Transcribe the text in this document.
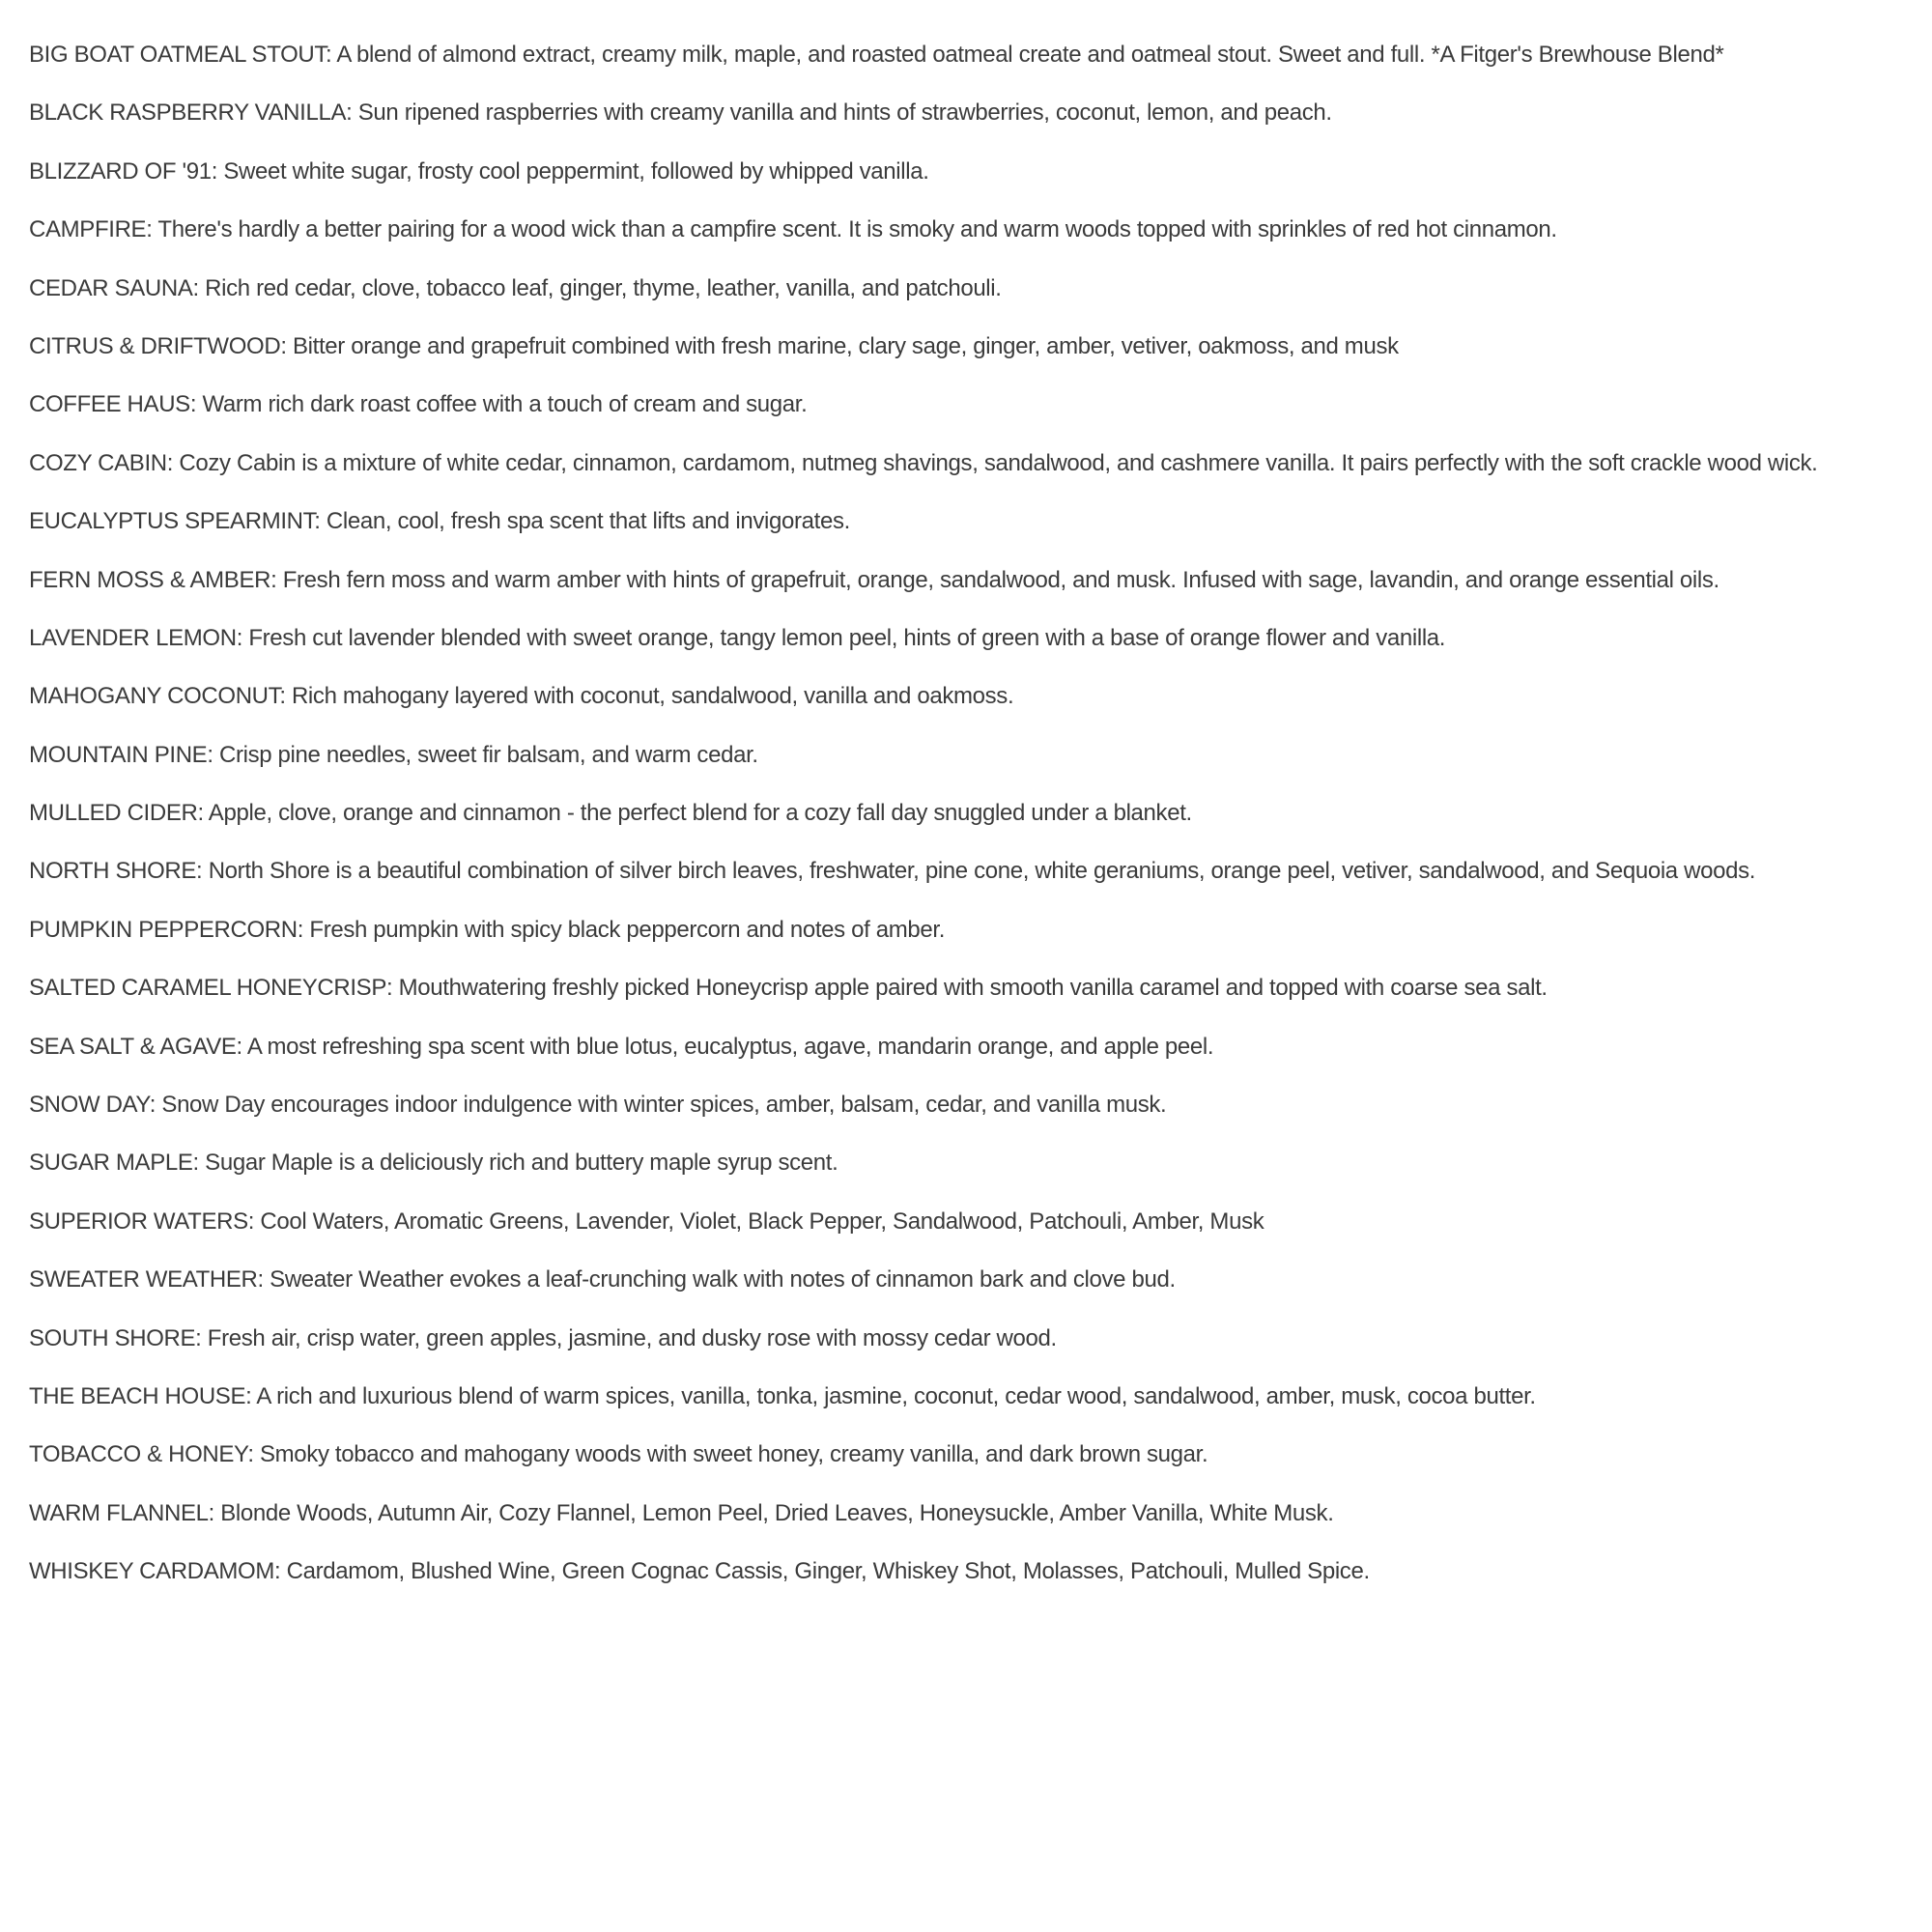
BIG BOAT OATMEAL STOUT: A blend of almond extract, creamy milk, maple, and roasted oatmeal create and oatmeal stout. Sweet and full. *A Fitger's Brewhouse Blend*
BLACK RASPBERRY VANILLA: Sun ripened raspberries with creamy vanilla and hints of strawberries, coconut, lemon, and peach.
BLIZZARD OF '91: Sweet white sugar, frosty cool peppermint, followed by whipped vanilla.
CAMPFIRE: There's hardly a better pairing for a wood wick than a campfire scent. It is smoky and warm woods topped with sprinkles of red hot cinnamon.
CEDAR SAUNA: Rich red cedar, clove, tobacco leaf, ginger, thyme, leather, vanilla, and patchouli.
CITRUS & DRIFTWOOD: Bitter orange and grapefruit combined with fresh marine, clary sage, ginger, amber, vetiver, oakmoss, and musk
COFFEE HAUS: Warm rich dark roast coffee with a touch of cream and sugar.
COZY CABIN: Cozy Cabin is a mixture of white cedar, cinnamon, cardamom, nutmeg shavings, sandalwood, and cashmere vanilla. It pairs perfectly with the soft crackle wood wick.
EUCALYPTUS SPEARMINT: Clean, cool, fresh spa scent that lifts and invigorates.
FERN MOSS & AMBER: Fresh fern moss and warm amber with hints of grapefruit, orange, sandalwood, and musk. Infused with sage, lavandin, and orange essential oils.
LAVENDER LEMON: Fresh cut lavender blended with sweet orange, tangy lemon peel, hints of green with a base of orange flower and vanilla.
MAHOGANY COCONUT: Rich mahogany layered with coconut, sandalwood, vanilla and oakmoss.
MOUNTAIN PINE: Crisp pine needles, sweet fir balsam, and warm cedar.
MULLED CIDER: Apple, clove, orange and cinnamon - the perfect blend for a cozy fall day snuggled under a blanket.
NORTH SHORE: North Shore is a beautiful combination of silver birch leaves, freshwater, pine cone, white geraniums, orange peel, vetiver, sandalwood, and Sequoia woods.
PUMPKIN PEPPERCORN: Fresh pumpkin with spicy black peppercorn and notes of amber.
SALTED CARAMEL HONEYCRISP: Mouthwatering freshly picked Honeycrisp apple paired with smooth vanilla caramel and topped with coarse sea salt.
SEA SALT & AGAVE: A most refreshing spa scent with blue lotus, eucalyptus, agave, mandarin orange, and apple peel.
SNOW DAY: Snow Day encourages indoor indulgence with winter spices, amber, balsam, cedar, and vanilla musk.
SUGAR MAPLE: Sugar Maple is a deliciously rich and buttery maple syrup scent.
SUPERIOR WATERS: Cool Waters, Aromatic Greens, Lavender, Violet, Black Pepper, Sandalwood, Patchouli, Amber, Musk
SWEATER WEATHER: Sweater Weather evokes a leaf-crunching walk with notes of cinnamon bark and clove bud.
SOUTH SHORE: Fresh air, crisp water, green apples, jasmine, and dusky rose with mossy cedar wood.
THE BEACH HOUSE: A rich and luxurious blend of warm spices, vanilla, tonka, jasmine, coconut, cedar wood, sandalwood, amber, musk, cocoa butter.
TOBACCO & HONEY: Smoky tobacco and mahogany woods with sweet honey, creamy vanilla, and dark brown sugar.
WARM FLANNEL: Blonde Woods, Autumn Air, Cozy Flannel, Lemon Peel, Dried Leaves, Honeysuckle, Amber Vanilla, White Musk.
WHISKEY CARDAMOM: Cardamom, Blushed Wine, Green Cognac Cassis, Ginger, Whiskey Shot, Molasses, Patchouli, Mulled Spice.
